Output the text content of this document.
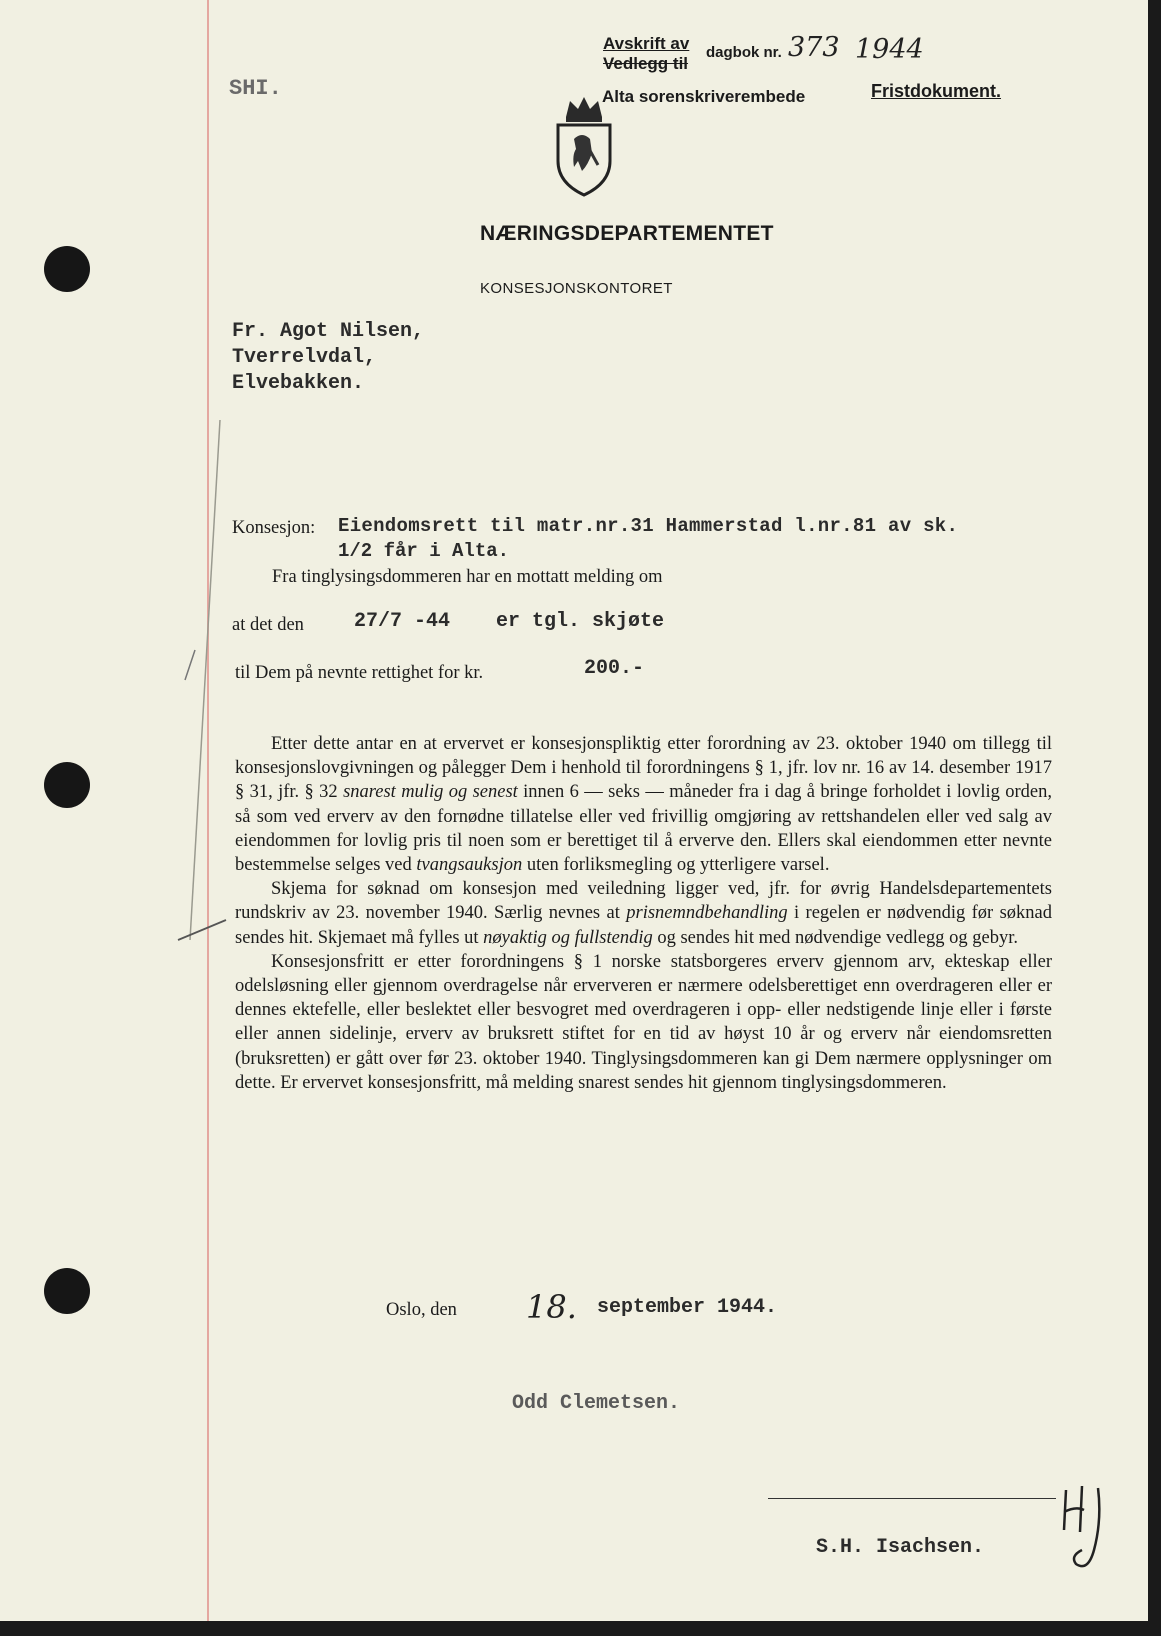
SHI.
Avskrift av
Vedlegg til
dagbok nr. 373 1944
Alta sorenskriverembede	Fristdokument.
NÆRINGSDEPARTEMENTET
KONSESJONSKONTORET
Fr. Agot Nilsen,
Tverrelvdal,
Elvebakken.
Konsesjon: Eiendomsrett til matr.nr.31 Hammerstad l.nr.81 av sk.
1/2 får i Alta.
Fra tinglysingsdommeren har en mottatt melding om
at det den	27/7 -44 er tgl. skjøte
til Dem på nevnte rettighet for kr.	200.-

Etter dette antar en at ervervet er konsesjonspliktig etter forordning av 23. oktober 1940 om tillegg til konsesjonslovgivningen og pålegger Dem i henhold til forordningens § 1, jfr. lov nr. 16 av 14. desember 1917 § 31, jfr. § 32 snarest mulig og senest innen 6 — seks — måneder fra i dag å bringe forholdet i lovlig orden, så som ved erverv av den fornødne tillatelse eller ved frivillig omgjøring av rettshandelen eller ved salg av eiendommen for lovlig pris til noen som er berettiget til å erverve den. Ellers skal eiendommen etter nevnte bestemmelse selges ved tvangsauksjon uten forliksmegling og ytterligere varsel.

Skjema for søknad om konsesjon med veiledning ligger ved, jfr. for øvrig Handelsdepartementets rundskriv av 23. november 1940. Særlig nevnes at prisnemndbehandling i regelen er nødvendig før søknad sendes hit. Skjemaet må fylles ut nøyaktig og fullstendig og sendes hit med nødvendige vedlegg og gebyr.

Konsesjonsfritt er etter forordningens § 1 norske statsborgeres erverv gjennom arv, ekteskap eller odelsløsning eller gjennom overdragelse når erververen er nærmere odelsberettiget enn overdrageren eller er dennes ektefelle, eller beslektet eller besvogret med overdrageren i opp- eller nedstigende linje eller i første eller annen sidelinje, erverv av bruksrett stiftet for en tid av høyst 10 år og erverv når eiendomsretten (bruksretten) er gått over før 23. oktober 1940. Tinglysingsdommeren kan gi Dem nærmere opplysninger om dette. Er ervervet konsesjonsfritt, må melding snarest sendes hit gjennom tinglysingsdommeren.

Oslo, den 18. september 1944.
Odd Clemetsen.
S.H. Isachsen.
